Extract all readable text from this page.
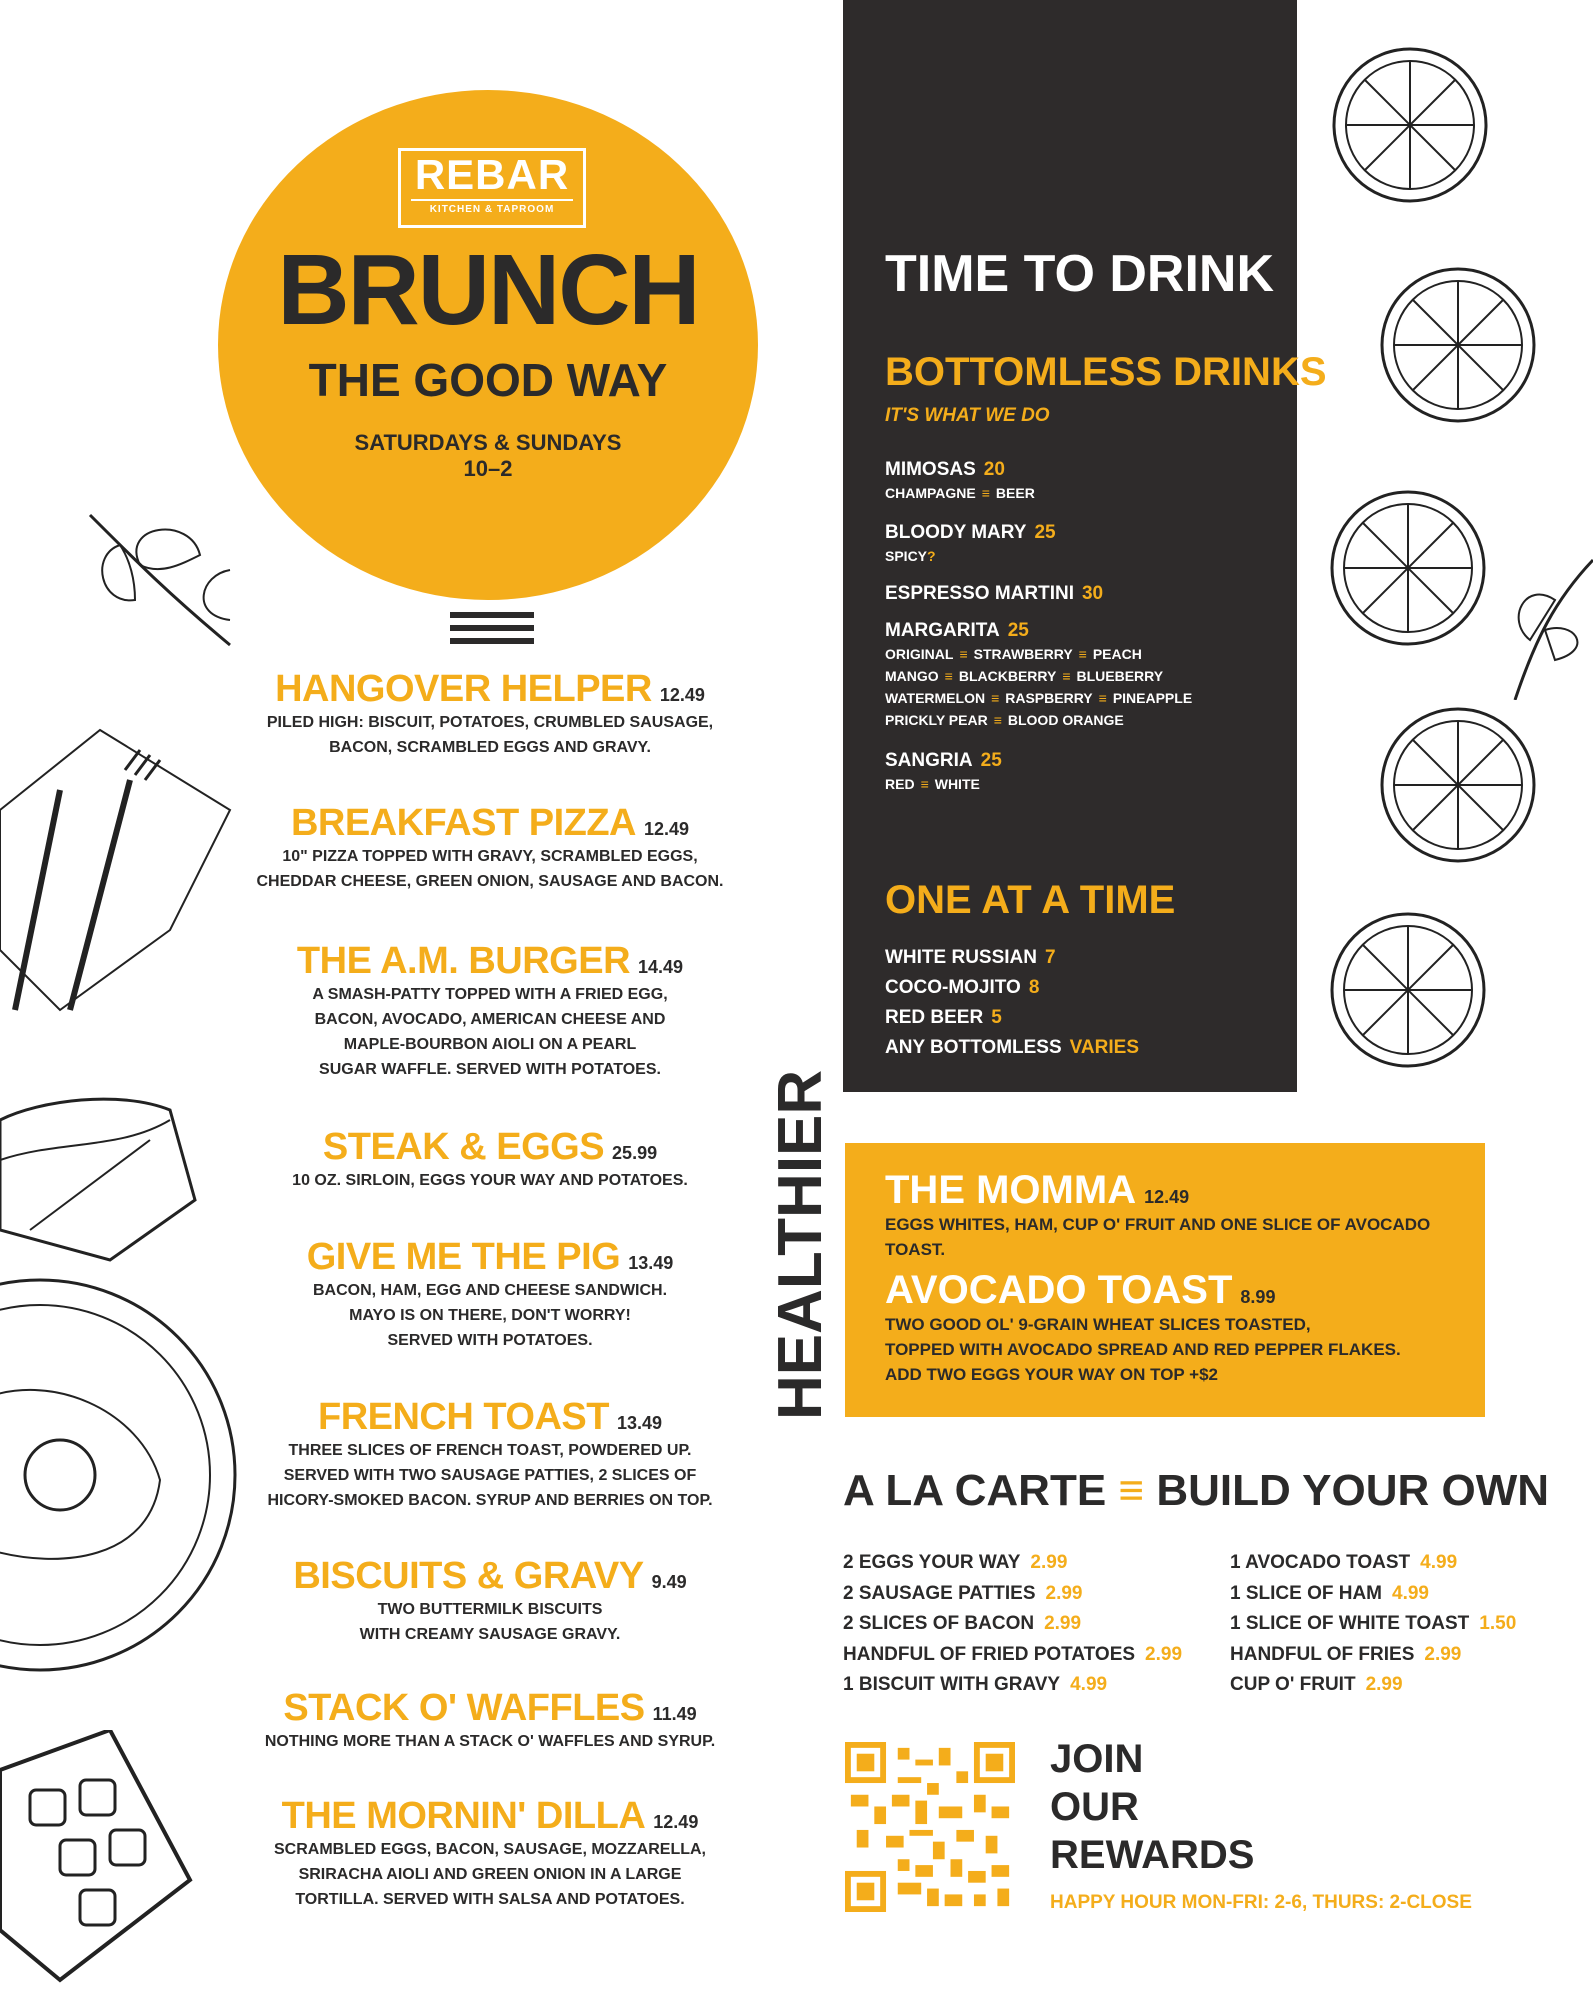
REBAR
KITCHEN & TAPROOM
BRUNCH
THE GOOD WAY
SATURDAYS & SUNDAYS
10–2
HANGOVER HELPER 12.49
PILED HIGH: BISCUIT, POTATOES, CRUMBLED SAUSAGE,
BACON, SCRAMBLED EGGS AND GRAVY.
BREAKFAST PIZZA 12.49
10" PIZZA TOPPED WITH GRAVY, SCRAMBLED EGGS,
CHEDDAR CHEESE, GREEN ONION, SAUSAGE AND BACON.
THE A.M. BURGER 14.49
A SMASH-PATTY TOPPED WITH A FRIED EGG,
BACON, AVOCADO, AMERICAN CHEESE AND
MAPLE-BOURBON AIOLI ON A PEARL
SUGAR WAFFLE. SERVED WITH POTATOES.
STEAK & EGGS 25.99
10 OZ. SIRLOIN, EGGS YOUR WAY AND POTATOES.
GIVE ME THE PIG 13.49
BACON, HAM, EGG AND CHEESE SANDWICH.
MAYO IS ON THERE, DON'T WORRY!
SERVED WITH POTATOES.
FRENCH TOAST 13.49
THREE SLICES OF FRENCH TOAST, POWDERED UP.
SERVED WITH TWO SAUSAGE PATTIES, 2 SLICES OF
HICORY-SMOKED BACON. SYRUP AND BERRIES ON TOP.
BISCUITS & GRAVY 9.49
TWO BUTTERMILK BISCUITS
WITH CREAMY SAUSAGE GRAVY.
STACK O' WAFFLES 11.49
NOTHING MORE THAN A STACK O' WAFFLES AND SYRUP.
THE MORNIN' DILLA 12.49
SCRAMBLED EGGS, BACON, SAUSAGE, MOZZARELLA,
SRIRACHA AIOLI AND GREEN ONION IN A LARGE
TORTILLA. SERVED WITH SALSA AND POTATOES.
TIME TO DRINK
BOTTOMLESS DRINKS
IT'S WHAT WE DO
MIMOSAS 20
CHAMPAGNE ≡ BEER
BLOODY MARY 25
SPICY?
ESPRESSO MARTINI 30
MARGARITA 25
ORIGINAL ≡ STRAWBERRY ≡ PEACH
MANGO ≡ BLACKBERRY ≡ BLUEBERRY
WATERMELON ≡ RASPBERRY ≡ PINEAPPLE
PRICKLY PEAR ≡ BLOOD ORANGE
SANGRIA 25
RED ≡ WHITE
ONE AT A TIME
WHITE RUSSIAN 7
COCO-MOJITO 8
RED BEER 5
ANY BOTTOMLESS VARIES
HEALTHIER THE MOMMA 12.49
EGGS WHITES, HAM, CUP O' FRUIT AND ONE SLICE OF AVOCADO TOAST.
AVOCADO TOAST 8.99
TWO GOOD OL' 9-GRAIN WHEAT SLICES TOASTED,
TOPPED WITH AVOCADO SPREAD AND RED PEPPER FLAKES.
ADD TWO EGGS YOUR WAY ON TOP +$2
A LA CARTE ≡ BUILD YOUR OWN
2 EGGS YOUR WAY 2.99
2 SAUSAGE PATTIES 2.99
2 SLICES OF BACON 2.99
HANDFUL OF FRIED POTATOES 2.99
1 BISCUIT WITH GRAVY 4.99
1 AVOCADO TOAST 4.99
1 SLICE OF HAM 4.99
1 SLICE OF WHITE TOAST 1.50
HANDFUL OF FRIES 2.99
CUP O' FRUIT 2.99
JOIN
OUR
REWARDS
HAPPY HOUR MON-FRI: 2-6, THURS: 2-CLOSE
